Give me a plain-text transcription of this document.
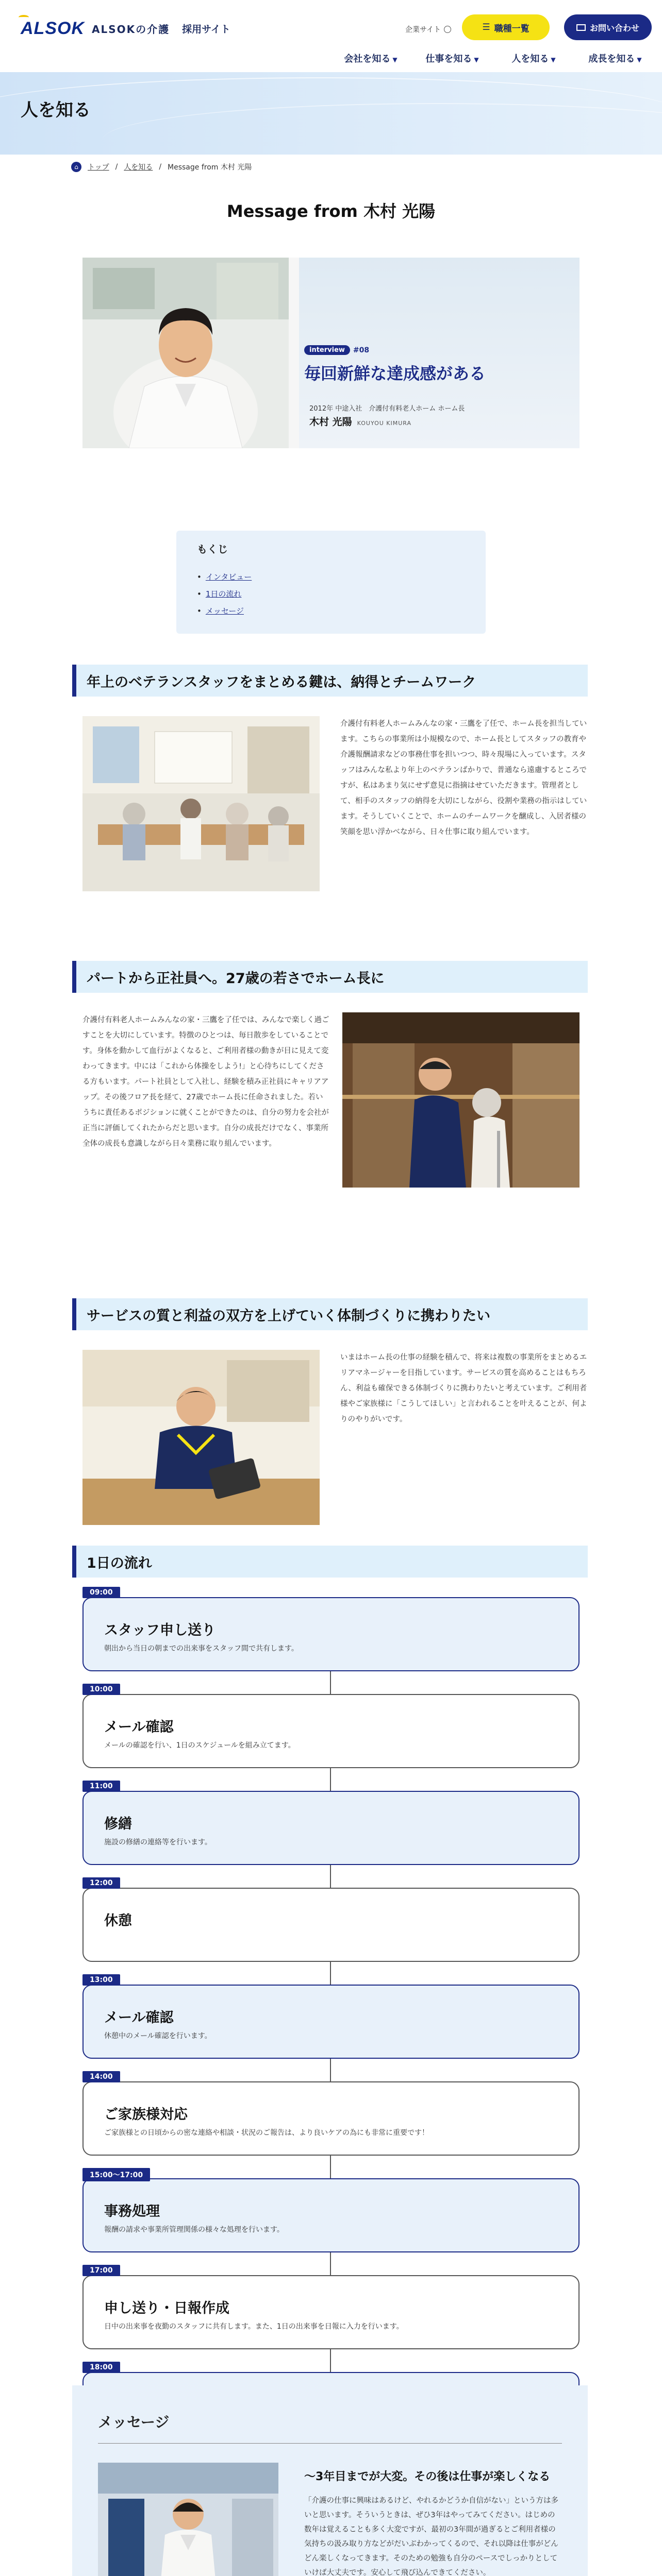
ALSOK ALSOKの介護 採用サイト	企業サイト	☰ 職種一覧	お問い合わせ
会社を知る ▼	仕事を知る ▼	人を知る ▼	成長を知る ▼
人を知る
⌂	トップ / 人を知る / Message from 木村 光陽
Message from 木村 光陽
interview	#08
毎回新鮮な達成感がある
2012年 中途入社　介護付有料老人ホーム ホーム長
木村 光陽 KOUYOU KIMURA
もくじ
• インタビュー
• 1日の流れ
• メッセージ
年上のベテランスタッフをまとめる鍵は、納得とチームワーク
介護付有料老人ホームみんなの家・三鷹を了任で、ホーム長を担当しています。こちらの事業所は小規模なので、ホーム長としてスタッフの教育や介護報酬請求などの事務仕事を担いつつ、時々現場に入っています。スタッフはみんな私より年上のベテランばかりで、普通なら遠慮するところですが、私はあまり気にせず意見に指摘はせていただきます。管理者として、相手のスタッフの納得を大切にしながら、役割や業務の指示はしています。そうしていくことで、ホームのチームワークを醸成し、入居者様の笑顔を思い浮かべながら、日々仕事に取り組んでいます。
パートから正社員へ。27歳の若さでホーム長に
介護付有料老人ホームみんなの家・三鷹を了任では、みんなで楽しく過ごすことを大切にしています。特徴のひとつは、毎日散歩をしていることです。身体を動かして血行がよくなると、ご利用者様の動きが目に見えて変わってきます。中には「これから体操をしよう!」と心待ちにしてくださる方もいます。パート社員として入社し、経験を積み正社員にキャリアアップ。その後フロア長を経て、27歳でホーム長に任命されました。若いうちに責任あるポジションに就くことができたのは、自分の努力を会社が正当に評価してくれたからだと思います。自分の成長だけでなく、事業所全体の成長も意識しながら日々業務に取り組んでいます。
サービスの質と利益の双方を上げていく体制づくりに携わりたい
いまはホーム長の仕事の経験を積んで、将来は複数の事業所をまとめるエリアマネージャーを目指しています。サービスの質を高めることはもちろん、利益も確保できる体制づくりに携わりたいと考えています。ご利用者様やご家族様に「こうしてほしい」と言われることを叶えることが、何よりのやりがいです。
1日の流れ
09:00
スタッフ申し送り
朝出から当日の朝までの出来事をスタッフ間で共有します。
10:00
メール確認
メールの確認を行い、1日のスケジュールを組み立てます。
11:00
修繕
施設の修繕の連絡等を行います。
12:00
休憩
13:00
メール確認
休憩中のメール確認を行います。
14:00
ご家族様対応
ご家族様との日頃からの密な連絡や相談・状況のご報告は、より良いケアの為にも非常に重要です！
15:00〜17:00
事務処理
報酬の請求や事業所管理関係の様々な処理を行います。
17:00
申し送り・日報作成
日中の出来事を夜勤のスタッフに共有します。また、1日の出来事を日報に入力を行います。
18:00
メッセージ
〜3年目までが大変。その後は仕事が楽しくなる
「介護の仕事に興味はあるけど、やれるかどうか自信がない」という方は多いと思います。そういうときは、ぜひ3年はやってみてください。はじめの数年は覚えることも多く大変ですが、最初の3年間が過ぎるとご利用者様の気持ちの汲み取り方などがだいぶわかってくるので、それ以降は仕事がどんどん楽しくなってきます。そのための勉強も自分のペースでしっかりとしていけば大丈夫です。安心して飛び込んできてください。
